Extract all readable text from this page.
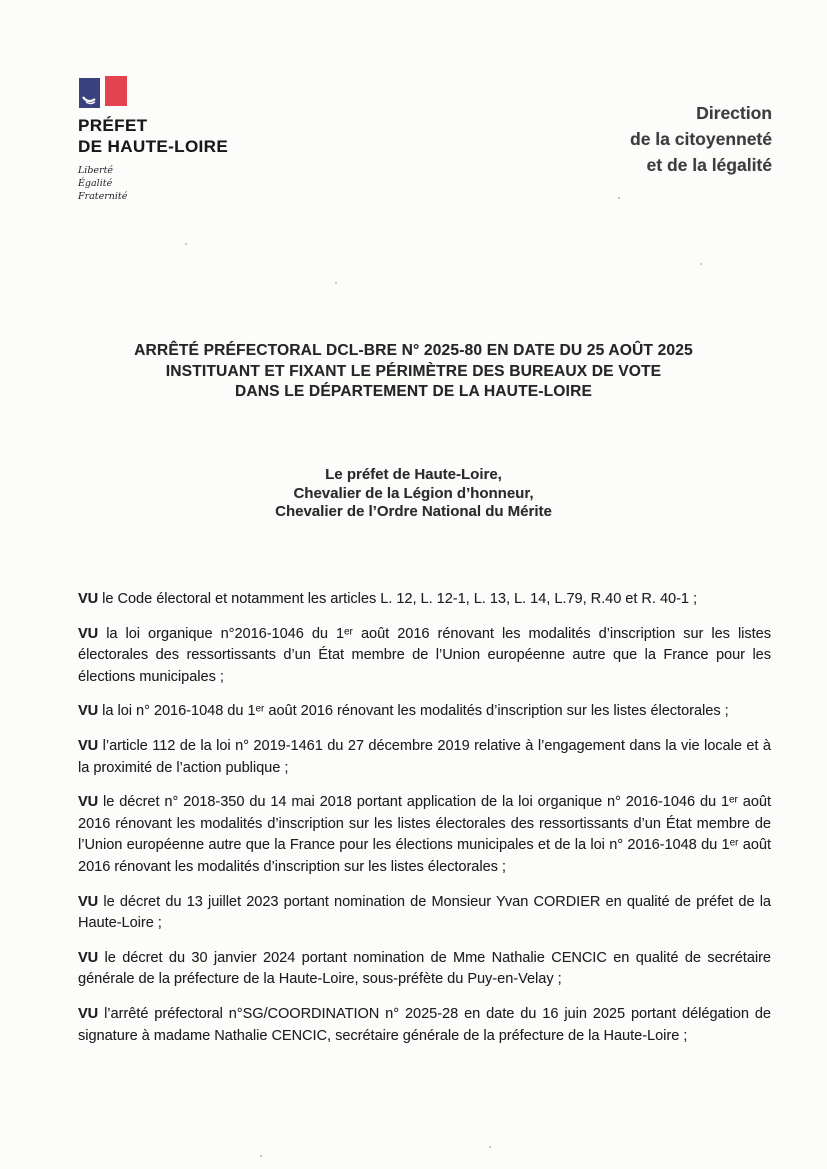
PRÉFET
DE HAUTE-LOIRE
Liberté
Égalité
Fraternité
Direction
de la citoyenneté
et de la légalité
ARRÊTÉ PRÉFECTORAL DCL-BRE N° 2025-80 EN DATE DU 25 AOÛT 2025
INSTITUANT ET FIXANT LE PÉRIMÈTRE DES BUREAUX DE VOTE
DANS LE DÉPARTEMENT DE LA HAUTE-LOIRE
Le préfet de Haute-Loire,
Chevalier de la Légion d’honneur,
Chevalier de l’Ordre National du Mérite

VU le Code électoral et notamment les articles L. 12, L. 12-1, L. 13, L. 14, L.79, R.40 et R. 40-1 ;

VU la loi organique n°2016-1046 du 1ᵉʳ août 2016 rénovant les modalités d’inscription sur les listes électorales des ressortissants d’un État membre de l’Union européenne autre que la France pour les élections municipales ;

VU la loi n° 2016-1048 du 1ᵉʳ août 2016 rénovant les modalités d’inscription sur les listes électorales ;

VU l’article 112 de la loi n° 2019-1461 du 27 décembre 2019 relative à l’engagement dans la vie locale et à la proximité de l’action publique ;

VU le décret n° 2018-350 du 14 mai 2018 portant application de la loi organique n° 2016-1046 du 1ᵉʳ août 2016 rénovant les modalités d’inscription sur les listes électorales des ressortissants d’un État membre de l’Union européenne autre que la France pour les élections municipales et de la loi n° 2016-1048 du 1ᵉʳ août 2016 rénovant les modalités d’inscription sur les listes électorales ;

VU le décret du 13 juillet 2023 portant nomination de Monsieur Yvan CORDIER en qualité de préfet de la Haute-Loire ;

VU le décret du 30 janvier 2024 portant nomination de Mme Nathalie CENCIC en qualité de secrétaire générale de la préfecture de la Haute-Loire, sous-préfète du Puy-en-Velay ;

VU l’arrêté préfectoral n°SG/COORDINATION n° 2025-28 en date du 16 juin 2025 portant délégation de signature à madame Nathalie CENCIC, secrétaire générale de la préfecture de la Haute-Loire ;
